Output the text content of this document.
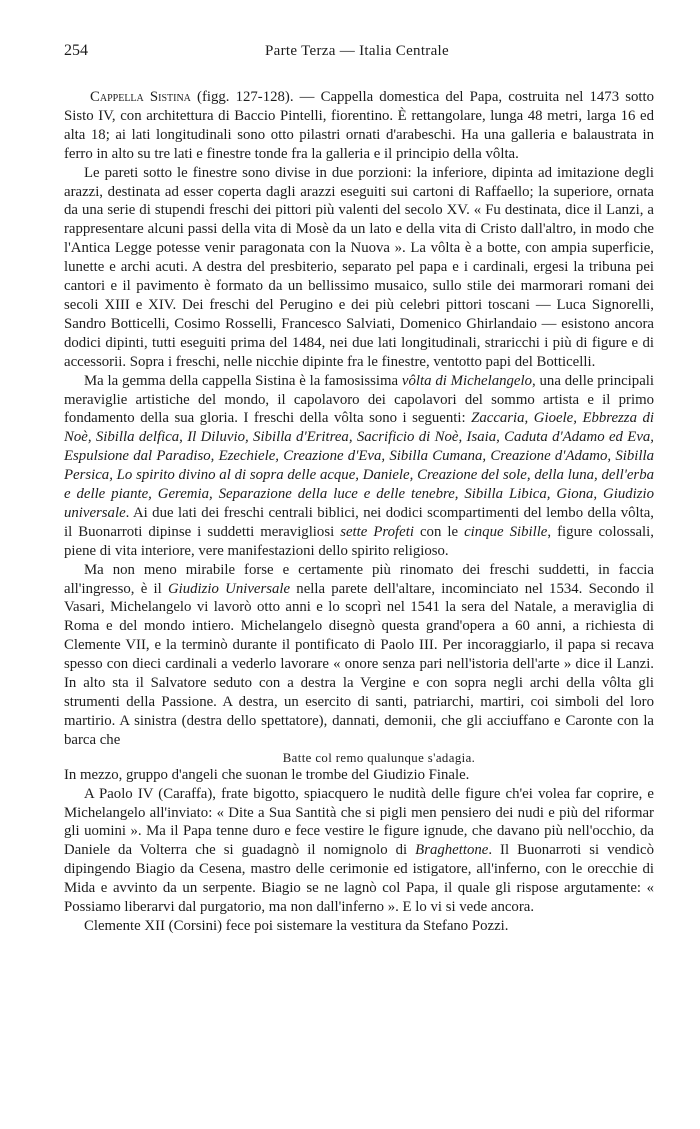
254	Parte Terza — Italia Centrale

Cappella Sistina (figg. 127-128). — Cappella domestica del Papa, costruita nel 1473 sotto Sisto IV, con architettura di Baccio Pintelli, fiorentino. È rettangolare, lunga 48 metri, larga 16 ed alta 18; ai lati longitudinali sono otto pilastri ornati d'arabeschi. Ha una galleria e balaustrata in ferro in alto su tre lati e finestre tonde fra la galleria e il principio della vôlta.

Le pareti sotto le finestre sono divise in due porzioni: la inferiore, dipinta ad imitazione degli arazzi, destinata ad esser coperta dagli arazzi eseguiti sui cartoni di Raffaello; la superiore, ornata da una serie di stupendi freschi dei pittori più valenti del secolo XV. « Fu destinata, dice il Lanzi, a rappresentare alcuni passi della vita di Mosè da un lato e della vita di Cristo dall'altro, in modo che l'Antica Legge potesse venir paragonata con la Nuova ». La vôlta è a botte, con ampia superficie, lunette e archi acuti. A destra del presbiterio, separato pel papa e i cardinali, ergesi la tribuna pei cantori e il pavimento è formato da un bellissimo musaico, sullo stile dei marmorari romani dei secoli XIII e XIV. Dei freschi del Perugino e dei più celebri pittori toscani — Luca Signorelli, Sandro Botticelli, Cosimo Rosselli, Francesco Salviati, Domenico Ghirlandaio — esistono ancora dodici dipinti, tutti eseguiti prima del 1484, nei due lati longitudinali, straricchi i più di figure e di accessorii. Sopra i freschi, nelle nicchie dipinte fra le finestre, ventotto papi del Botticelli.

Ma la gemma della cappella Sistina è la famosissima vôlta di Michelangelo, una delle principali meraviglie artistiche del mondo, il capolavoro dei capolavori del sommo artista e il primo fondamento della sua gloria. I freschi della vôlta sono i seguenti: Zaccaria, Gioele, Ebbrezza di Noè, Sibilla delfica, Il Diluvio, Sibilla d'Eritrea, Sacrificio di Noè, Isaia, Caduta d'Adamo ed Eva, Espulsione dal Paradiso, Ezechiele, Creazione d'Eva, Sibilla Cumana, Creazione d'Adamo, Sibilla Persica, Lo spirito divino al di sopra delle acque, Daniele, Creazione del sole, della luna, dell'erba e delle piante, Geremia, Separazione della luce e delle tenebre, Sibilla Libica, Giona, Giudizio universale. Ai due lati dei freschi centrali biblici, nei dodici scompartimenti del lembo della vôlta, il Buonarroti dipinse i suddetti meravigliosi sette Profeti con le cinque Sibille, figure colossali, piene di vita interiore, vere manifestazioni dello spirito religioso.

Ma non meno mirabile forse e certamente più rinomato dei freschi suddetti, in faccia all'ingresso, è il Giudizio Universale nella parete dell'altare, incominciato nel 1534. Secondo il Vasari, Michelangelo vi lavorò otto anni e lo scoprì nel 1541 la sera del Natale, a meraviglia di Roma e del mondo intiero. Michelangelo disegnò questa grand'opera a 60 anni, a richiesta di Clemente VII, e la terminò durante il pontificato di Paolo III. Per incoraggiarlo, il papa si recava spesso con dieci cardinali a vederlo lavorare « onore senza pari nell'istoria dell'arte » dice il Lanzi. In alto sta il Salvatore seduto con a destra la Vergine e con sopra negli archi della vôlta gli strumenti della Passione. A destra, un esercito di santi, patriarchi, martiri, coi simboli del loro martirio. A sinistra (destra dello spettatore), dannati, demonii, che gli acciuffano e Caronte con la barca che

Batte col remo qualunque s'adagia.

In mezzo, gruppo d'angeli che suonan le trombe del Giudizio Finale.

A Paolo IV (Caraffa), frate bigotto, spiacquero le nudità delle figure ch'ei volea far coprire, e Michelangelo all'inviato: « Dite a Sua Santità che si pigli men pensiero dei nudi e più del riformar gli uomini ». Ma il Papa tenne duro e fece vestire le figure ignude, che davano più nell'occhio, da Daniele da Volterra che si guadagnò il nomignolo di Braghettone. Il Buonarroti si vendicò dipingendo Biagio da Cesena, mastro delle cerimonie ed istigatore, all'inferno, con le orecchie di Mida e avvinto da un serpente. Biagio se ne lagnò col Papa, il quale gli rispose argutamente: « Possiamo liberarvi dal purgatorio, ma non dall'inferno ». E lo vi si vede ancora.

Clemente XII (Corsini) fece poi sistemare la vestitura da Stefano Pozzi.
